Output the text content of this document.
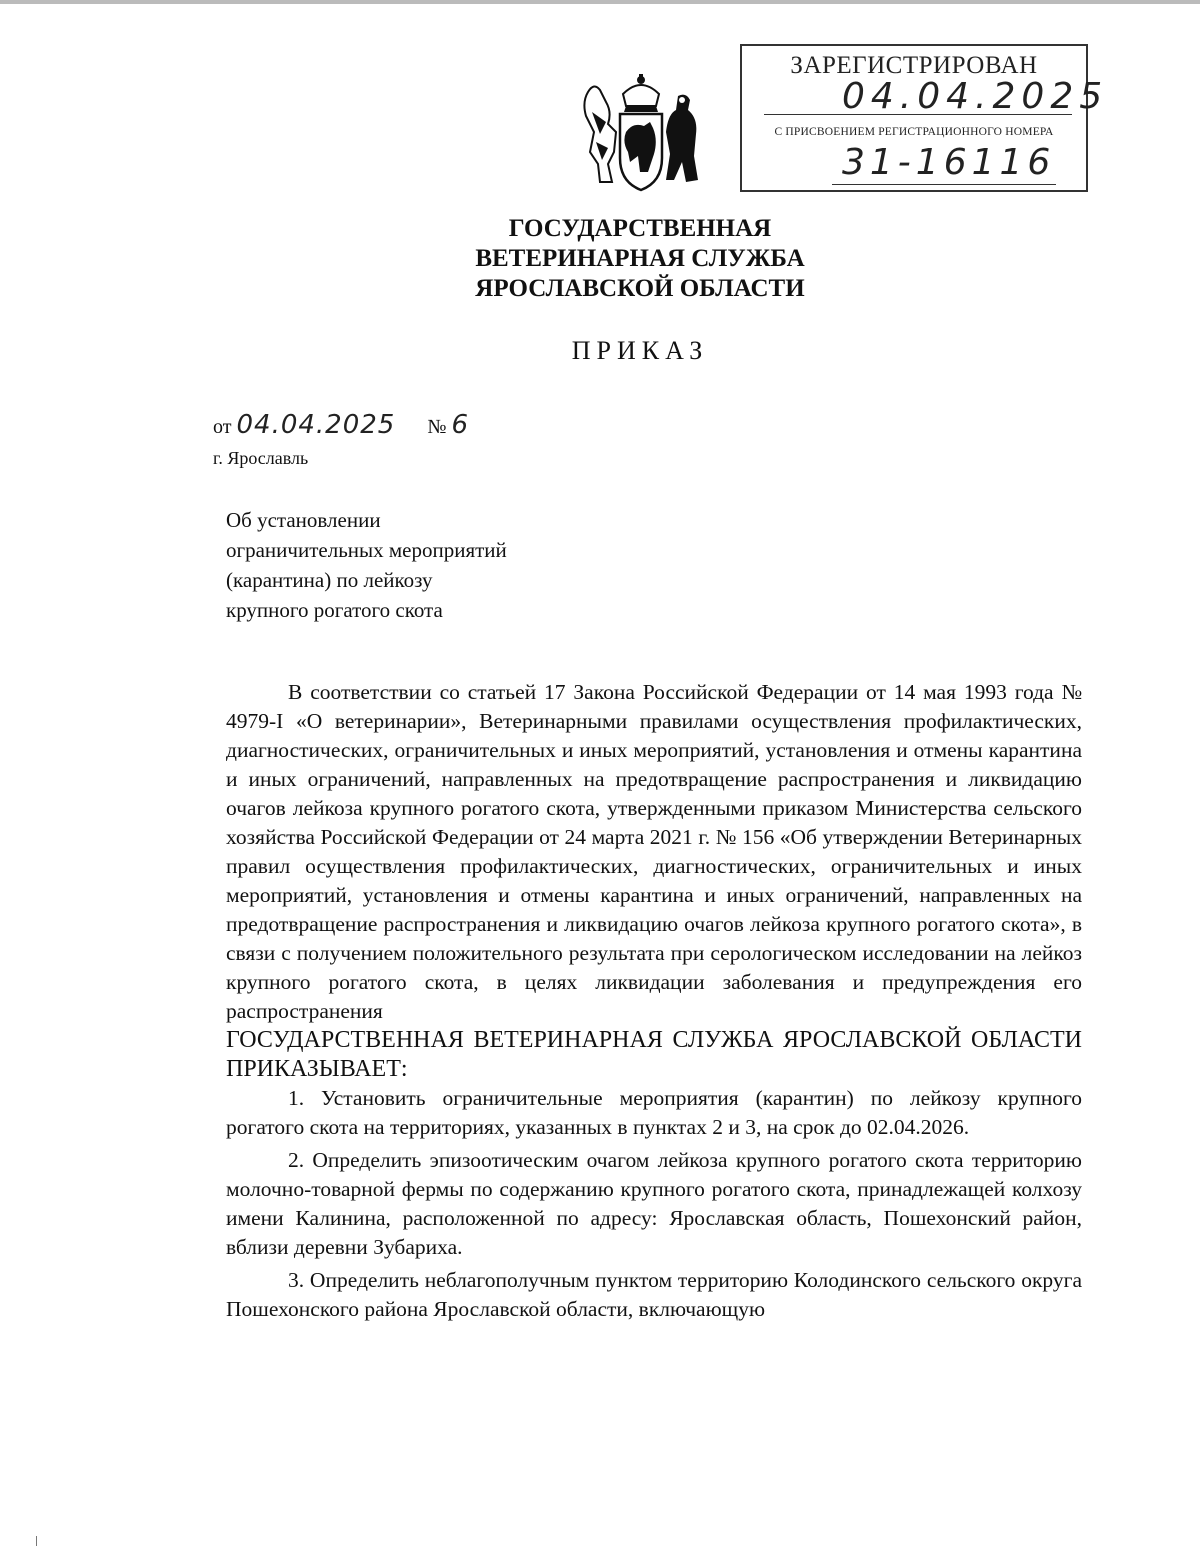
ЗАРЕГИСТРИРОВАН
04.04.2025
С ПРИСВОЕНИЕМ РЕГИСТРАЦИОННОГО НОМЕРА
31-16116
ГОСУДАРСТВЕННАЯ
ВЕТЕРИНАРНАЯ СЛУЖБА
ЯРОСЛАВСКОЙ ОБЛАСТИ
ПРИКАЗ
от 04.04.2025 № 6
г. Ярославль
Об установлении
ограничительных мероприятий
(карантина) по лейкозу
крупного рогатого скота

В соответствии со статьей 17 Закона Российской Федерации от 14 мая 1993 года № 4979-I «О ветеринарии», Ветеринарными правилами осуществления профилактических, диагностических, ограничительных и иных мероприятий, установления и отмены карантина и иных ограничений, направленных на предотвращение распространения и ликвидацию очагов лейкоза крупного рогатого скота, утвержденными приказом Министерства сельского хозяйства Российской Федерации от 24 марта 2021 г. № 156 «Об утверждении Ветеринарных правил осуществления профилактических, диагностических, ограничительных и иных мероприятий, установления и отмены карантина и иных ограничений, направленных на предотвращение распространения и ликвидацию очагов лейкоза крупного рогатого скота», в связи с получением положительного результата при серологическом исследовании на лейкоз крупного рогатого скота, в целях ликвидации заболевания и предупреждения его распространения

ГОСУДАРСТВЕННАЯ ВЕТЕРИНАРНАЯ СЛУЖБА ЯРОСЛАВСКОЙ ОБЛАСТИ ПРИКАЗЫВАЕТ:

1. Установить ограничительные мероприятия (карантин) по лейкозу крупного рогатого скота на территориях, указанных в пунктах 2 и 3, на срок до 02.04.2026.

2. Определить эпизоотическим очагом лейкоза крупного рогатого скота территорию молочно-товарной фермы по содержанию крупного рогатого скота, принадлежащей колхозу имени Калинина, расположенной по адресу: Ярославская область, Пошехонский район, вблизи деревни Зубариха.

3. Определить неблагополучным пунктом территорию Колодинского сельского округа Пошехонского района Ярославской области, включающую
